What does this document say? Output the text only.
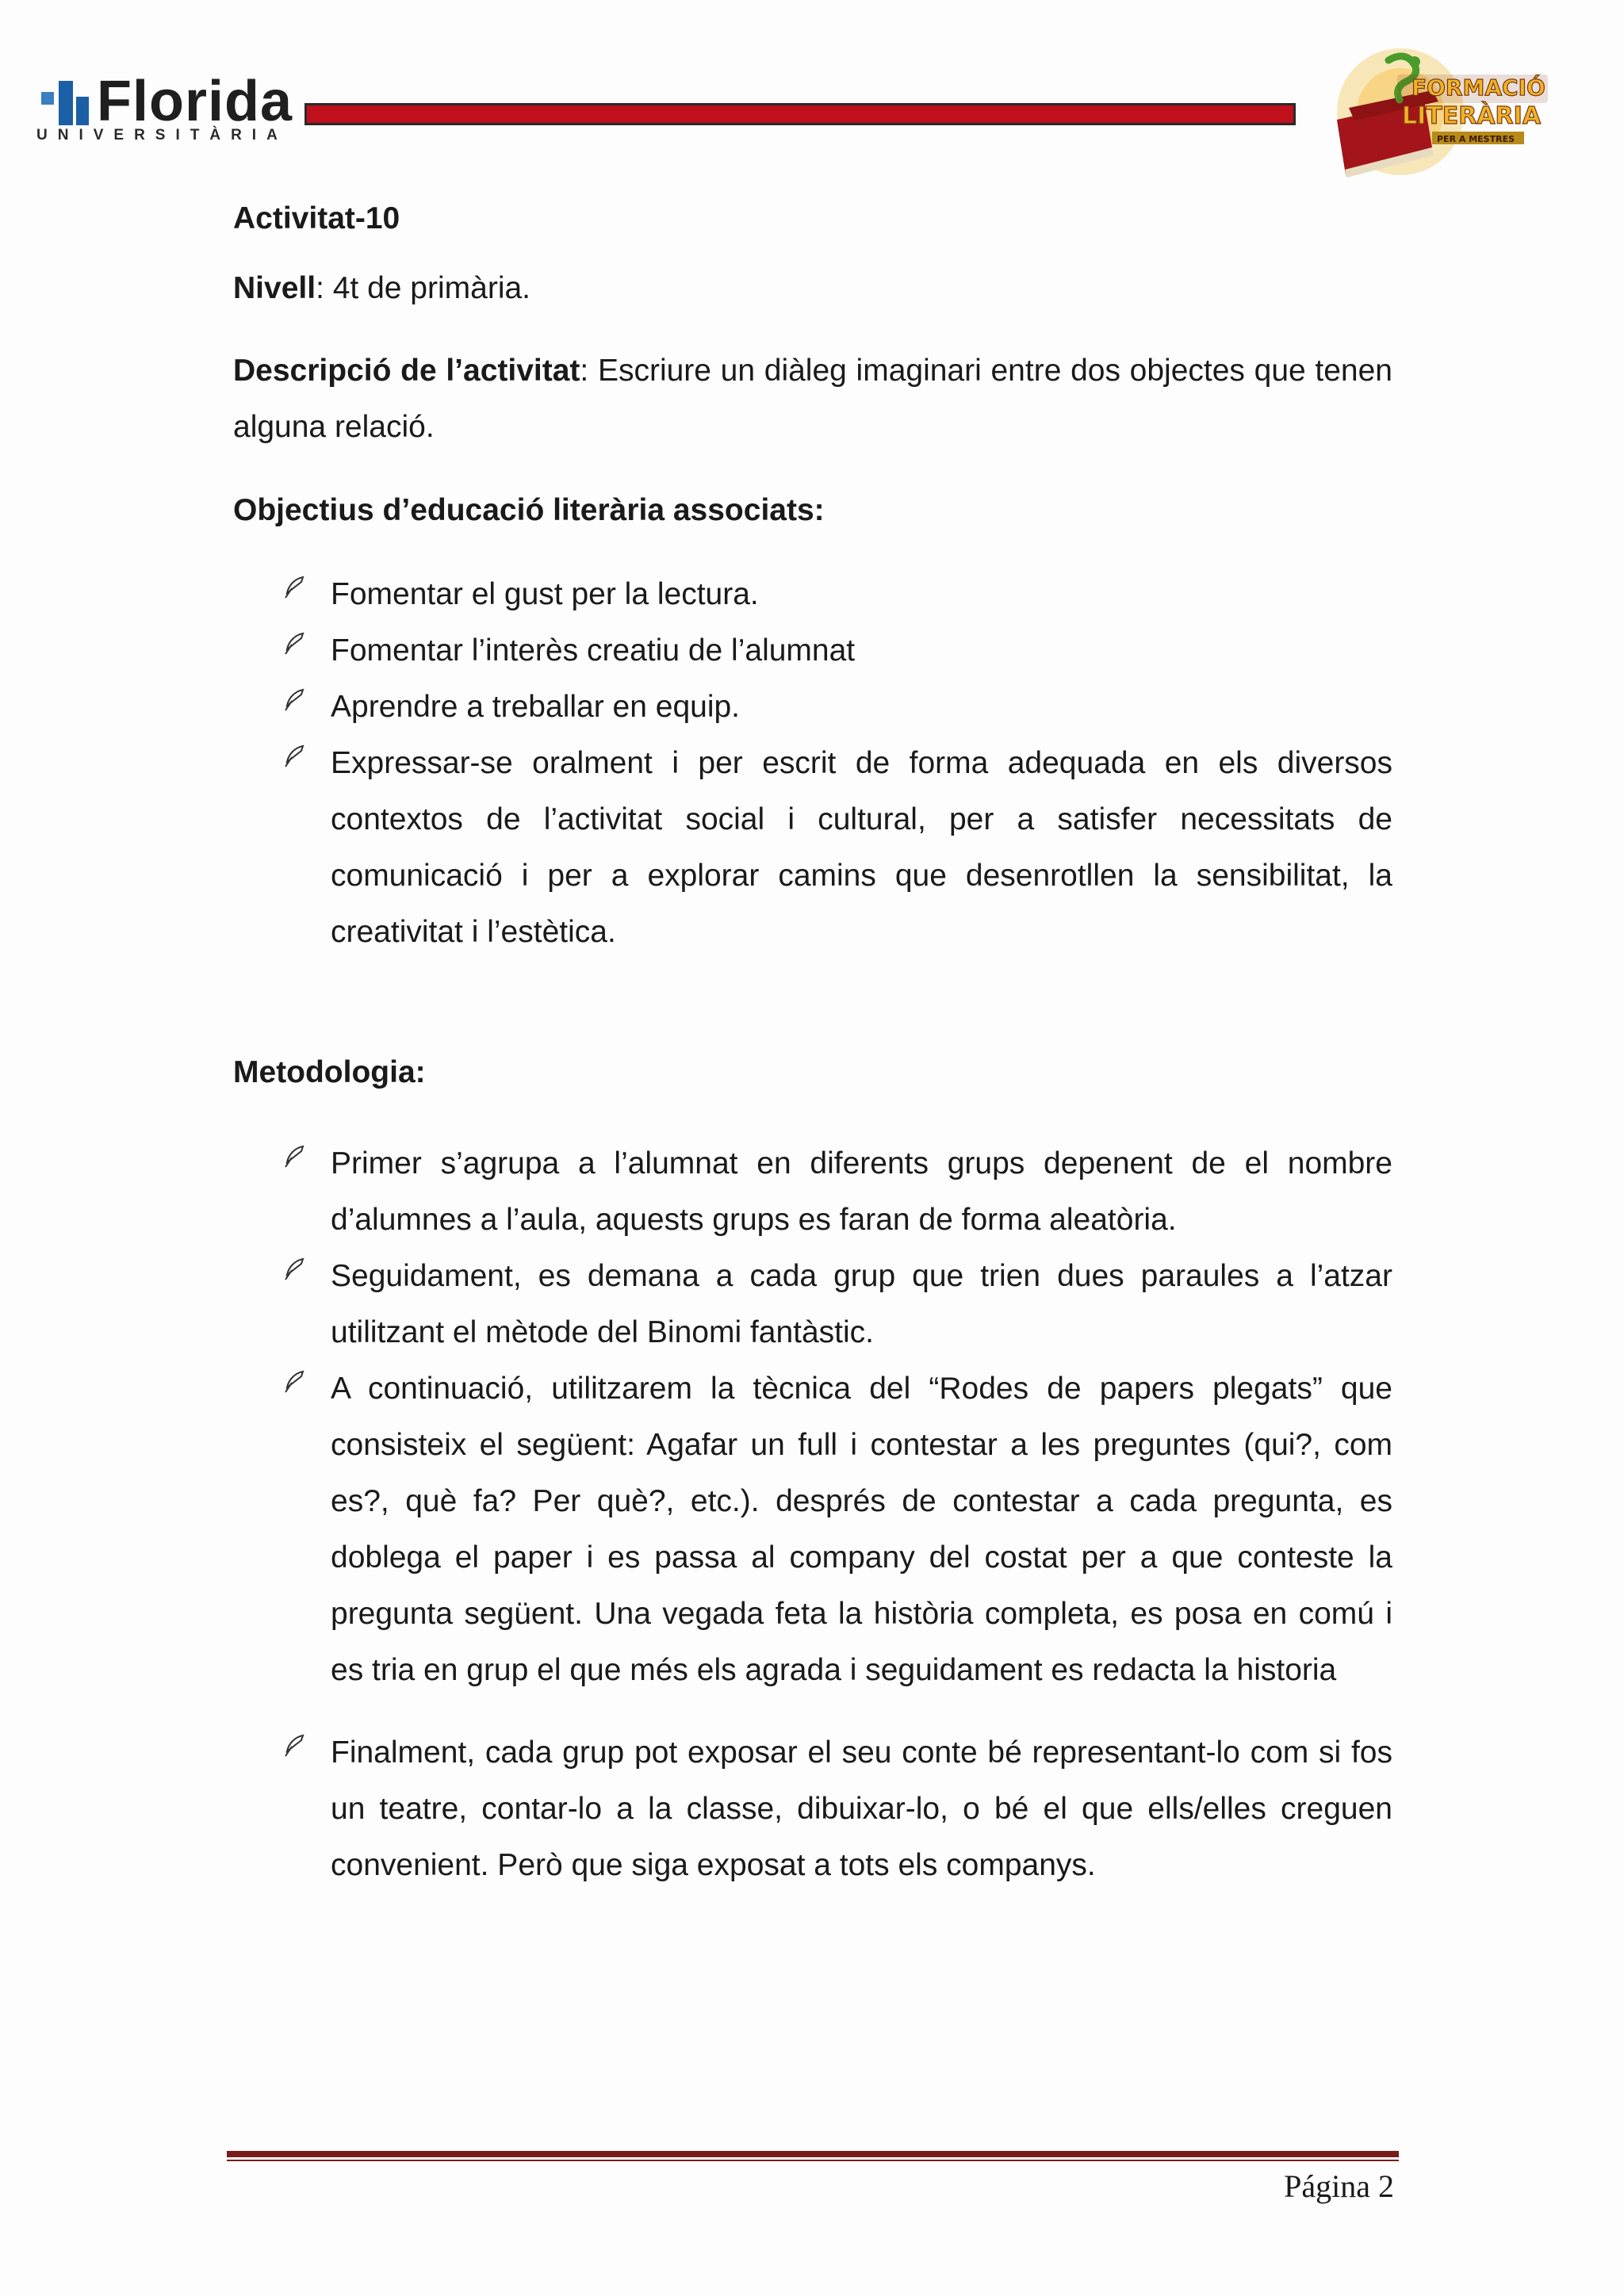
Florida
UNIVERSITÀRIA
FORMACIÓ
LITERÀRIA
PER A MESTRES

Activitat-10

Nivell: 4t de primària.

Descripció de l’activitat: Escriure un diàleg imaginari entre dos objectes que tenen alguna relació.

Objectius d’educació literària associats:

Fomentar el gust per la lectura.
Fomentar l’interès creatiu de l’alumnat
Aprendre a treballar en equip.
Expressar-se oralment i per escrit de forma adequada en els diversos contextos de l’activitat social i cultural, per a satisfer necessitats de comunicació i per a explorar camins que desenrotllen la sensibilitat, la creativitat i l’estètica.

Metodologia:

Primer s’agrupa a l’alumnat en diferents grups depenent de el nombre d’alumnes a l’aula, aquests grups es faran de forma aleatòria.
Seguidament, es demana a cada grup que trien dues paraules a l’atzar utilitzant el mètode del Binomi fantàstic.
A continuació, utilitzarem la tècnica del “Rodes de papers plegats” que consisteix el següent: Agafar un full i contestar a les preguntes (qui?, com es?, què fa? Per què?, etc.). després de contestar a cada pregunta, es doblega el paper i es passa al company del costat per a que conteste la pregunta següent. Una vegada feta la història completa, es posa en comú i es tria en grup el que més els agrada i seguidament es redacta la historia
Finalment, cada grup pot exposar el seu conte bé representant-lo com si fos un teatre, contar-lo a la classe, dibuixar-lo, o bé el que ells/elles creguen convenient. Però que siga exposat a tots els companys.
Página 2
